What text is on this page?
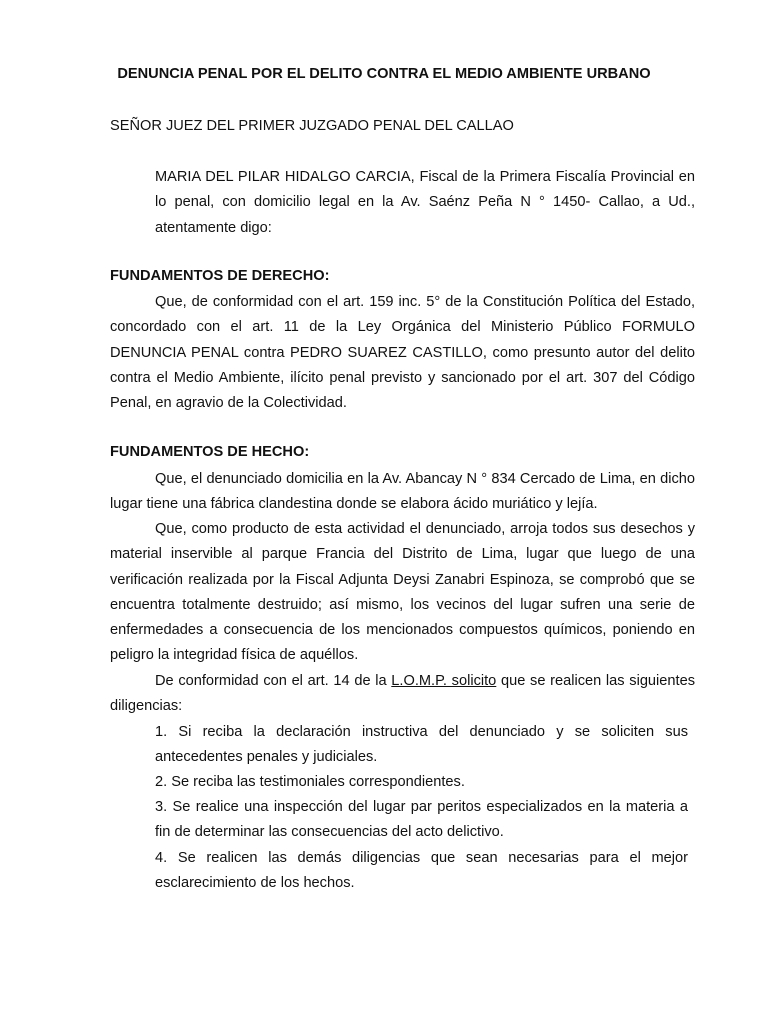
DENUNCIA PENAL POR EL DELITO CONTRA EL MEDIO AMBIENTE URBANO

SEÑOR JUEZ DEL PRIMER JUZGADO PENAL DEL CALLAO

MARIA DEL PILAR HIDALGO CARCIA, Fiscal de la Primera Fiscalía Provincial en lo penal, con domicilio legal en la Av. Saénz Peña N ° 1450- Callao, a Ud., atentamente digo:

FUNDAMENTOS DE DERECHO:

Que, de conformidad con el art. 159 inc. 5° de la Constitución Política del Estado, concordado con el art. 11 de la Ley Orgánica del Ministerio Público FORMULO DENUNCIA PENAL contra PEDRO SUAREZ CASTILLO, como presunto autor del delito contra el Medio Ambiente, ilícito penal previsto y sancionado por el art. 307 del Código Penal, en agravio de la Colectividad.

FUNDAMENTOS DE HECHO:

Que, el denunciado domicilia en la Av. Abancay N ° 834 Cercado de Lima, en dicho lugar tiene una fábrica clandestina donde se elabora ácido muriático y lejía.

Que, como producto de esta actividad el denunciado, arroja todos sus desechos y material inservible al parque Francia del Distrito de Lima, lugar que luego de una verificación realizada por la Fiscal Adjunta Deysi Zanabri Espinoza, se comprobó que se encuentra totalmente destruido; así mismo, los vecinos del lugar sufren una serie de enfermedades a consecuencia de los mencionados compuestos químicos, poniendo en peligro la integridad física de aquéllos.

De conformidad con el art. 14 de la L.O.M.P. solicito que se realicen las siguientes diligencias:

1. Si reciba la declaración instructiva del denunciado y se soliciten sus antecedentes penales y judiciales.
2. Se reciba las testimoniales correspondientes.
3. Se realice una inspección del lugar par peritos especializados en la materia a fin de determinar las consecuencias del acto delictivo.
4. Se realicen las demás diligencias que sean necesarias para el mejor esclarecimiento de los hechos.
